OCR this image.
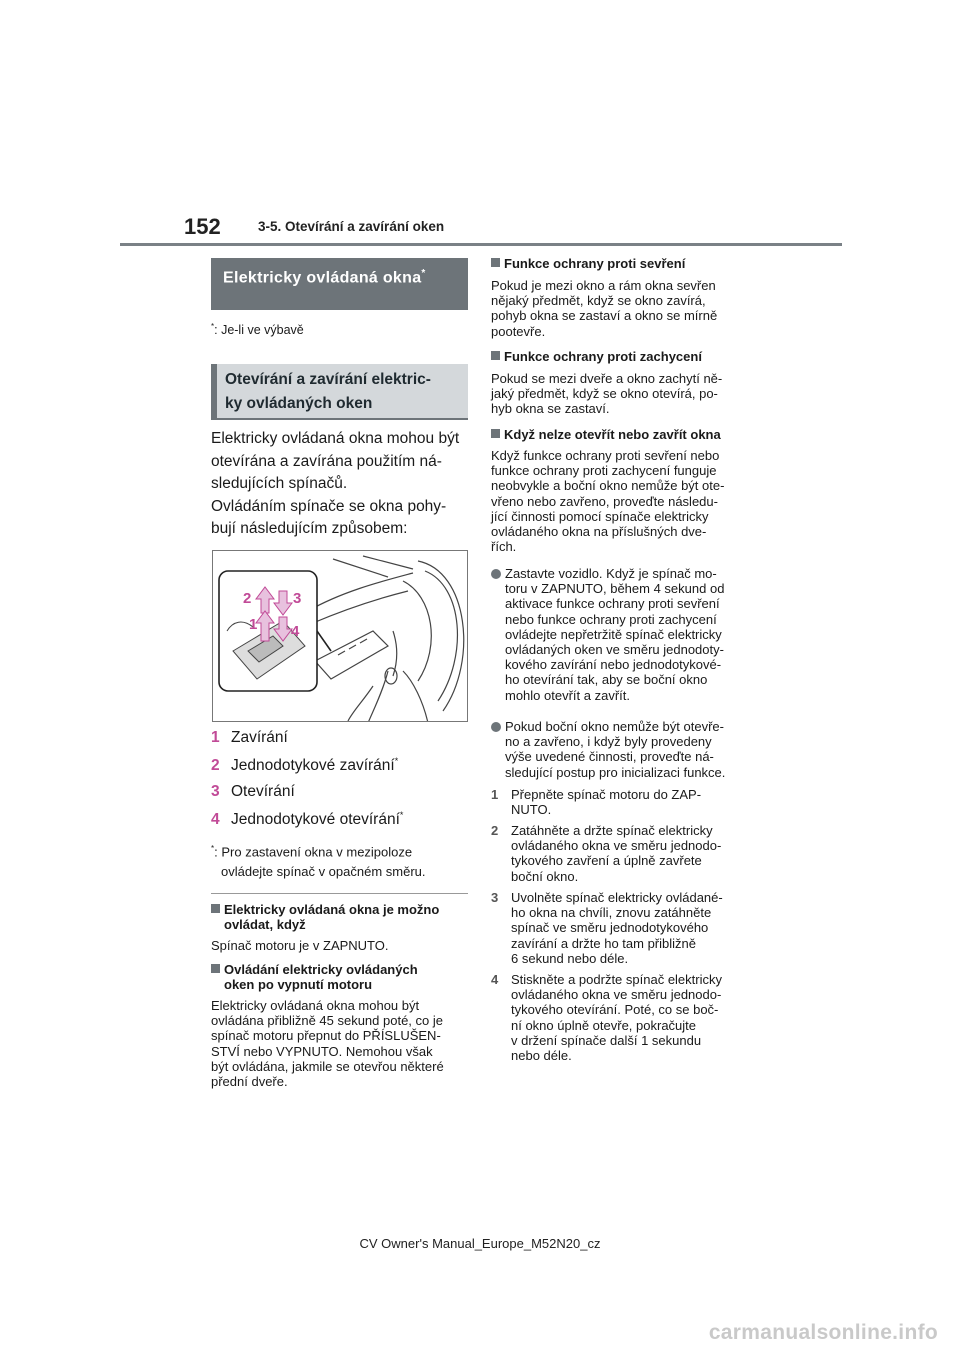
152	3-5. Otevírání a zavírání oken
Elektricky ovládaná okna*
*: Je-li ve výbavě
Otevírání a zavírání elektric-
ky ovládaných oken

Elektricky ovládaná okna mohou být

otevírána a zavírána použitím ná-

sledujících spínačů.

Ovládáním spínače se okna pohy-

bují následujícím způsobem:

2	3
1 4
1 Zavírání
2 Jednodotykové zavírání*
3 Otevírání
4 Jednodotykové otevírání*
*: Pro zastavení okna v mezipoloze
ovládejte spínač v opačném směru.
Elektricky ovládaná okna je možno
ovládat, když
Spínač motoru je v ZAPNUTO.
Ovládání elektricky ovládaných
oken po vypnutí motoru
Elektricky ovládaná okna mohou být
ovládána přibližně 45 sekund poté, co je
spínač motoru přepnut do PŘÍSLUŠEN-
STVÍ nebo VYPNUTO. Nemohou však
být ovládána, jakmile se otevřou některé
přední dveře.
Funkce ochrany proti sevření
Pokud je mezi okno a rám okna sevřen
nějaký předmět, když se okno zavírá,
pohyb okna se zastaví a okno se mírně
pootevře.
Funkce ochrany proti zachycení
Pokud se mezi dveře a okno zachytí ně-
jaký předmět, když se okno otevírá, po-
hyb okna se zastaví.
Když nelze otevřít nebo zavřít okna
Když funkce ochrany proti sevření nebo
funkce ochrany proti zachycení funguje
neobvykle a boční okno nemůže být ote-
vřeno nebo zavřeno, proveďte následu-
jící činnosti pomocí spínače elektricky
ovládaného okna na příslušných dve-
řích.
Zastavte vozidlo. Když je spínač mo-
toru v ZAPNUTO, během 4 sekund od
aktivace funkce ochrany proti sevření
nebo funkce ochrany proti zachycení
ovládejte nepřetržitě spínač elektricky
ovládaných oken ve směru jednodoty-
kového zavírání nebo jednodotykové-
ho otevírání tak, aby se boční okno
mohlo otevřít a zavřít.
Pokud boční okno nemůže být otevře-
no a zavřeno, i když byly provedeny
výše uvedené činnosti, proveďte ná-
sledující postup pro inicializaci funkce.
1 Přepněte spínač motoru do ZAP-
NUTO.
2 Zatáhněte a držte spínač elektricky
ovládaného okna ve směru jednodo-
tykového zavření a úplně zavřete
boční okno.
3 Uvolněte spínač elektricky ovládané-
ho okna na chvíli, znovu zatáhněte
spínač ve směru jednodotykového
zavírání a držte ho tam přibližně
6 sekund nebo déle.
4 Stiskněte a podržte spínač elektricky
ovládaného okna ve směru jednodo-
tykového otevírání. Poté, co se boč-
ní okno úplně otevře, pokračujte
v držení spínače další 1 sekundu
nebo déle.
CV Owner's Manual_Europe_M52N20_cz
carmanualsonline.info
